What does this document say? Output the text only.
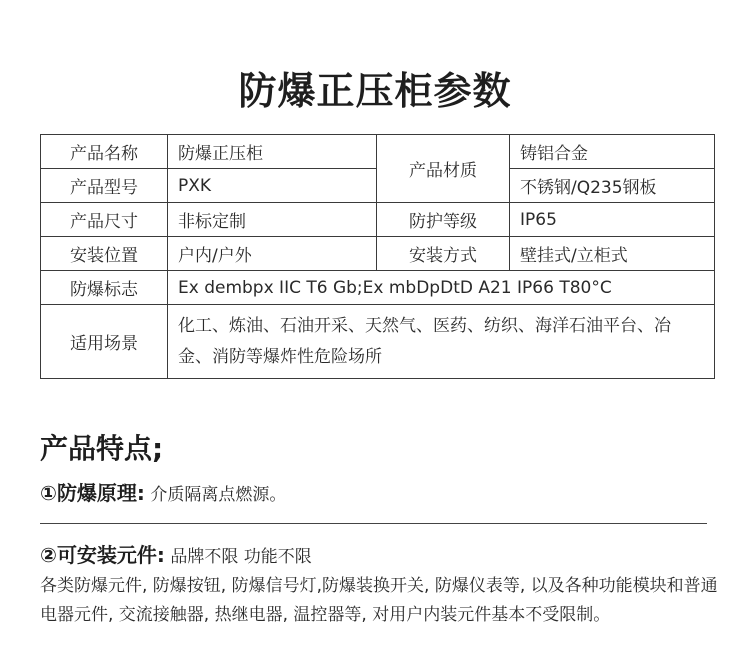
防爆正压柜参数
产品名称	防爆正压柜	产品材质	铸铝合金
产品型号	PXK		不锈钢/Q235钢板
产品尺寸	非标定制	防护等级	IP65
安装位置	户内/户外	安装方式	壁挂式/立柜式
防爆标志	Ex dembpx IIC T6 Gb;Ex mbDpDtD A21 IP66 T80°C		
适用场景	化工、炼油、石油开采、天然气、医药、纺织、海洋石油平台、冶金、消防等爆炸性危险场所		
产品特点;
①防爆原理: 介质隔离点燃源。
②可安装元件: 品牌不限 功能不限
各类防爆元件, 防爆按钮, 防爆信号灯,防爆装换开关, 防爆仪表等, 以及各种功能模块和普通电器元件, 交流接触器, 热继电器, 温控器等, 对用户内装元件基本不受限制。
